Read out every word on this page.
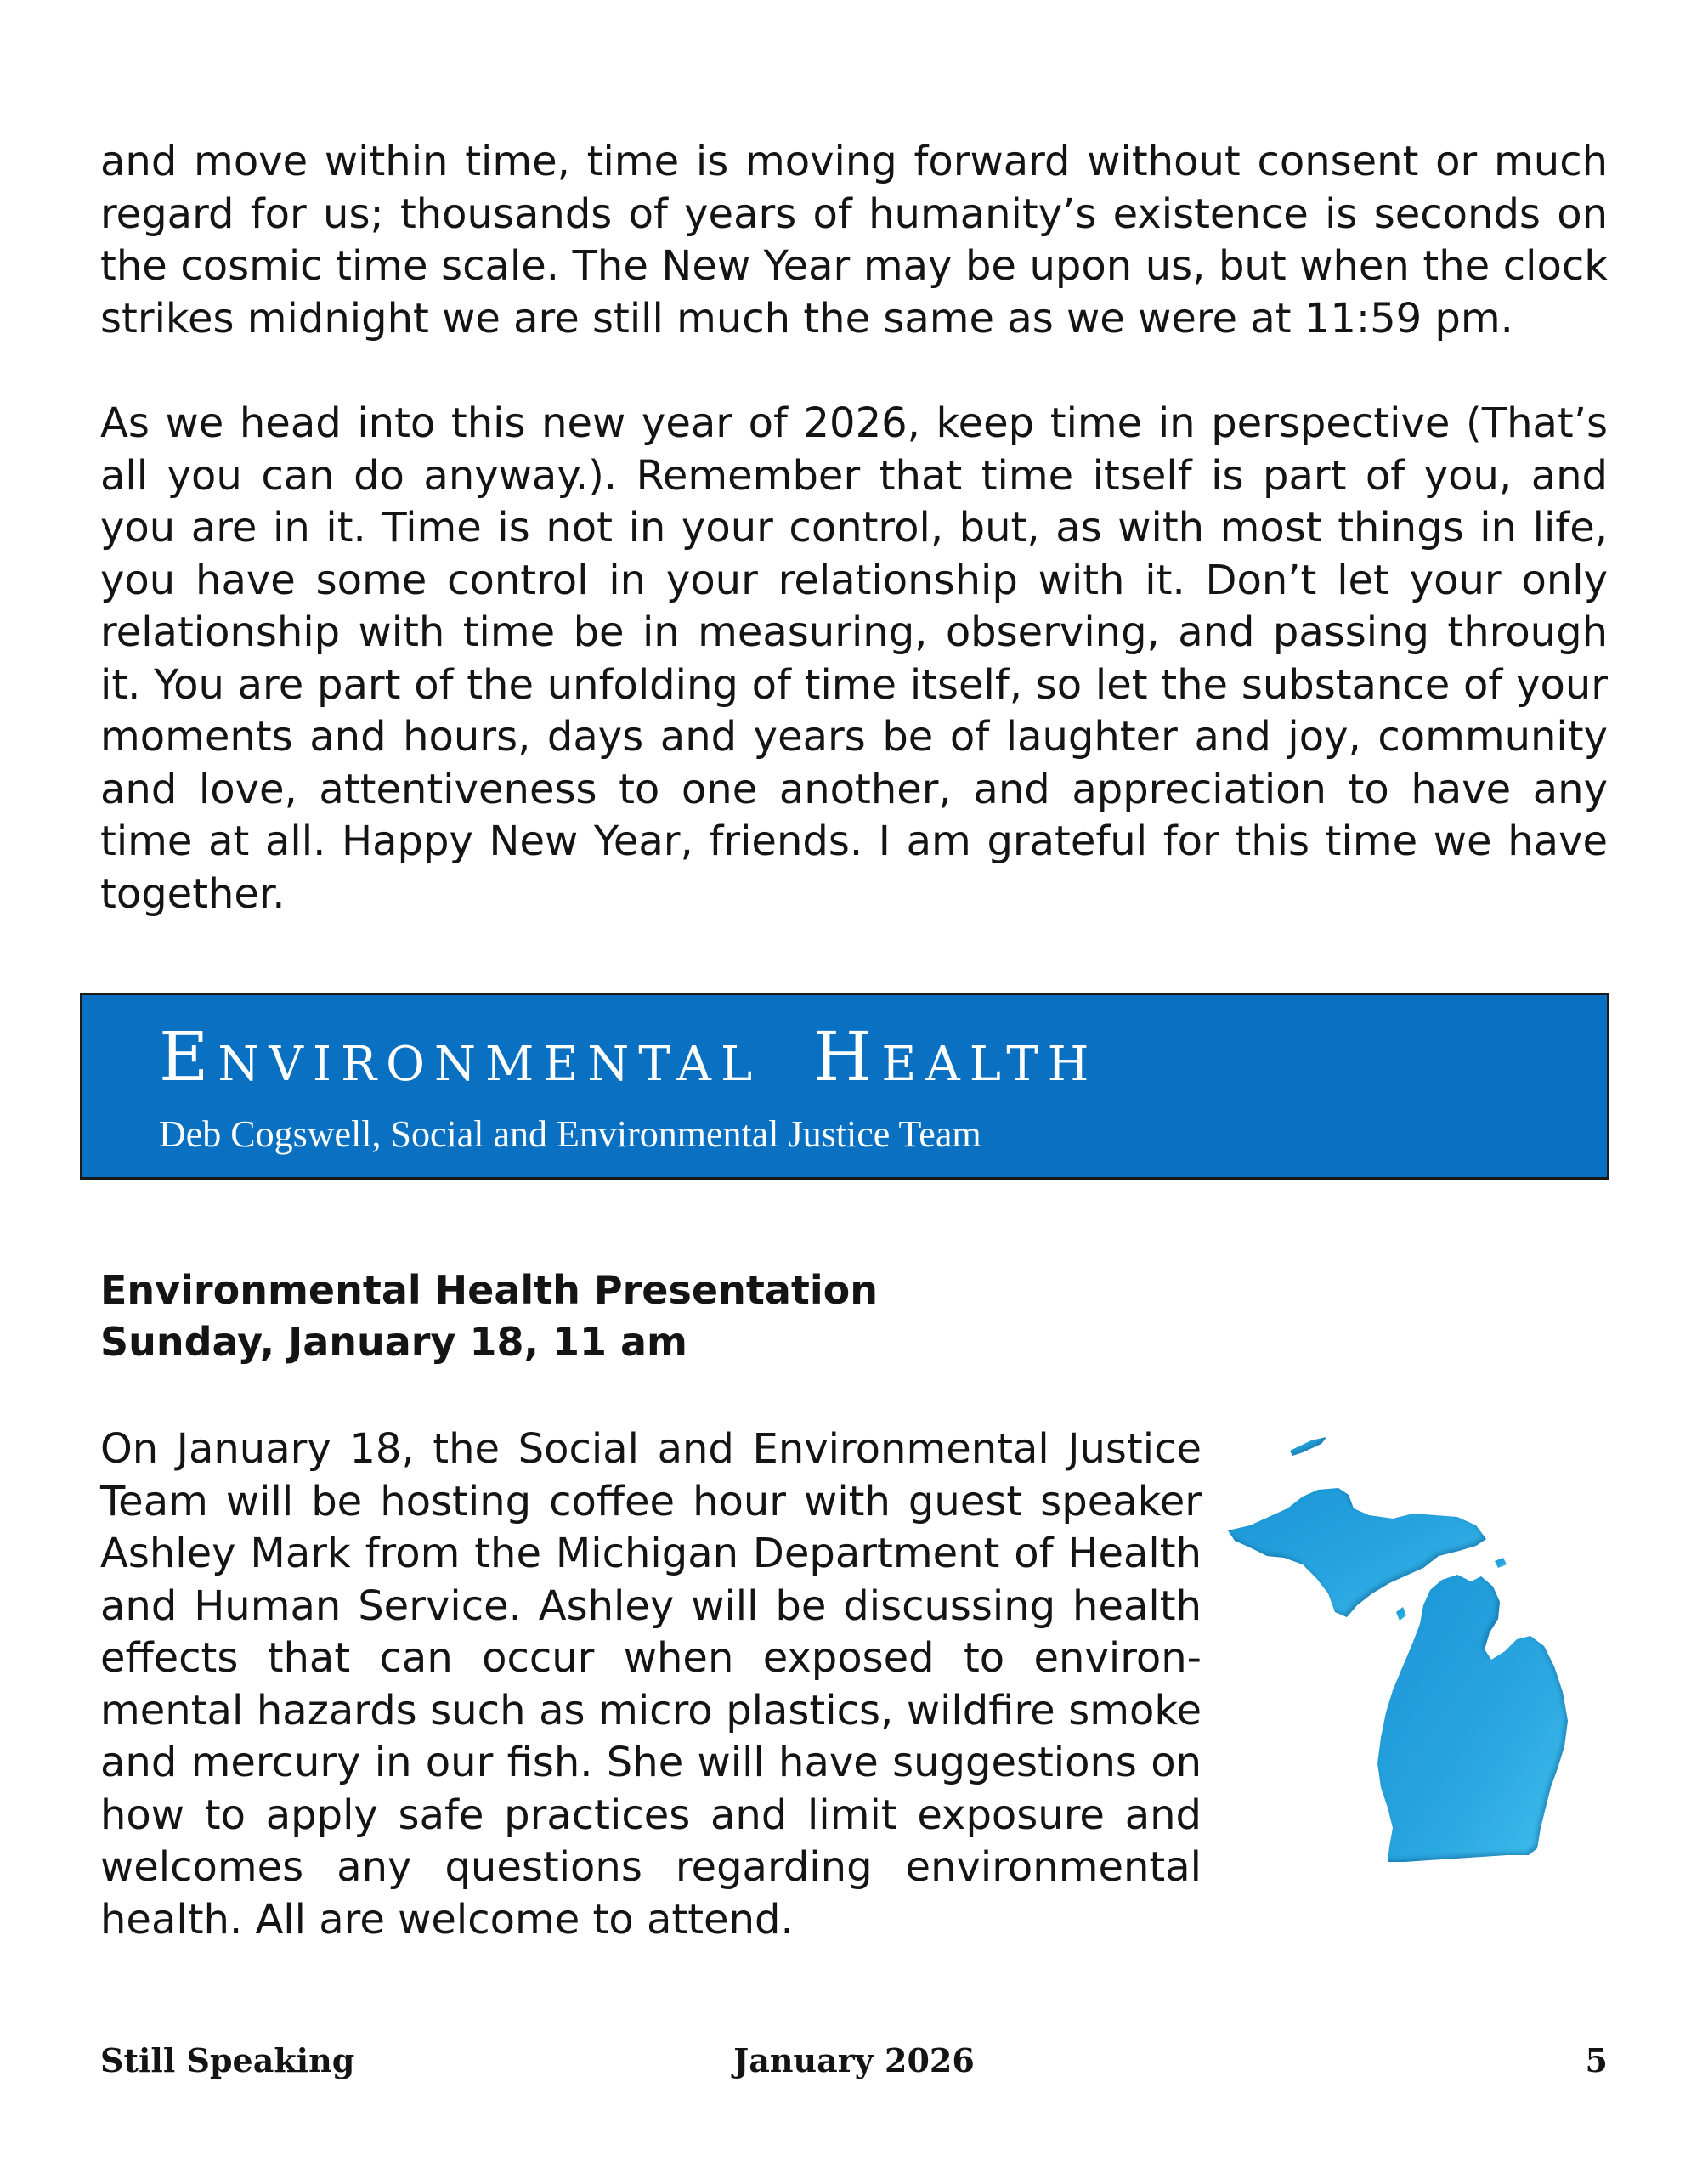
and move within time, time is moving forward without consent or much regard for us; thousands of years of humanity’s existence is seconds on the cosmic time scale. The New Year may be upon us, but when the clock strikes midnight we are still much the same as we were at 11:59 pm.

As we head into this new year of 2026, keep time in perspective (That’s all you can do anyway.). Remember that time itself is part of you, and you are in it. Time is not in your control, but, as with most things in life, you have some control in your relationship with it. Don’t let your only relationship with time be in measuring, observing, and passing through it. You are part of the unfolding of time itself, so let the substance of your moments and hours, days and years be of laughter and joy, community and love, attentiveness to one another, and appreciation to have any time at all. Happy New Year, friends. I am grateful for this time we have together.

Environmental Health
Deb Cogswell, Social and Environmental Justice Team
Environmental Health Presentation
Sunday, January 18, 11 am

On January 18, the Social and Environmental Justice Team will be hosting coffee hour with guest speaker Ashley Mark from the Michigan Department of Health and Human Service. Ashley will be discussing health effects that can occur when exposed to environ-mental hazards such as micro plastics, wildfire smoke and mercury in our fish. She will have suggestions on how to apply safe practices and limit exposure and welcomes any questions regarding environmental health. All are welcome to attend.

Still Speaking	January 2026	5
